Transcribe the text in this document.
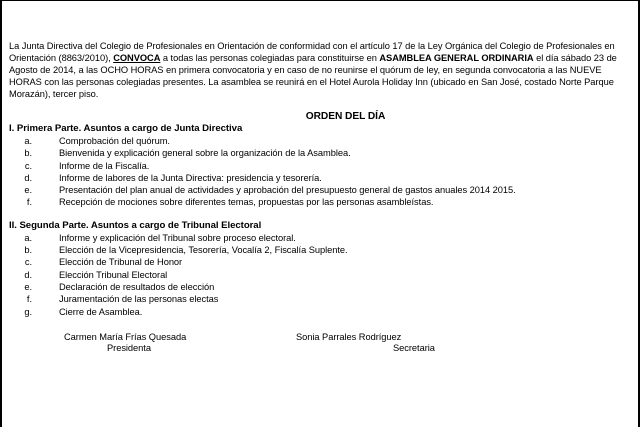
La Junta Directiva del Colegio de Profesionales en Orientación de conformidad con el artículo 17 de la Ley Orgánica del Colegio de Profesionales en Orientación (8863/2010), CONVOCA a todas las personas colegiadas para constituirse en ASAMBLEA GENERAL ORDINARIA el día sábado 23 de Agosto de 2014, a las OCHO HORAS en primera convocatoria y en caso de no reunirse el quórum de ley, en segunda convocatoria a las NUEVE HORAS con las personas colegiadas presentes. La asamblea se reunirá en el Hotel Aurola Holiday Inn (ubicado en San José, costado Norte Parque Morazán), tercer piso.

ORDEN DEL DÍA
I. Primera Parte. Asuntos a cargo de Junta Directiva
a.	Comprobación del quórum.
b.	Bienvenida y explicación general sobre la organización de la Asamblea.
c.	Informe de la Fiscalía.
d.	Informe de labores de la Junta Directiva: presidencia y tesorería.
e.	Presentación del plan anual de actividades y aprobación del presupuesto general de gastos anuales 2014 2015.
f.	Recepción de mociones sobre diferentes temas, propuestas por las personas asambleístas.
II. Segunda Parte. Asuntos a cargo de Tribunal Electoral
a.	Informe y explicación del Tribunal sobre proceso electoral.
b.	Elección de la Vicepresidencia, Tesorería, Vocalía 2, Fiscalía Suplente.
c.	Elección de Tribunal de Honor
d.	Elección Tribunal Electoral
e.	Declaración de resultados de elección
f.	Juramentación de las personas electas
g.	Cierre de Asamblea.
Carmen María Frías Quesada	Sonia Parrales Rodríguez
Presidenta	Secretaria
